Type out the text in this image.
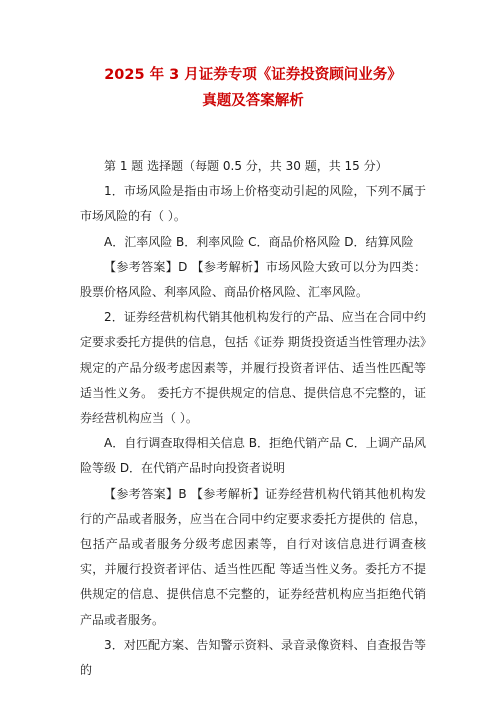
2025 年 3 月证券专项《证券投资顾问业务》
真题及答案解析

第 1 题 选择题（每题 0.5 分，共 30 题，共 15 分）

1．市场风险是指由市场上价格变动引起的风险，下列不属于市场风险的有（ ）。

A．汇率风险 B．利率风险 C．商品价格风险 D．结算风险

【参考答案】D 【参考解析】市场风险大致可以分为四类：股票价格风险、利率风险、商品价格风险、汇率风险。

2．证券经营机构代销其他机构发行的产品、应当在合同中约定要求委托方提供的信息，包括《证券 期货投资适当性管理办法》规定的产品分级考虑因素等，并履行投资者评估、适当性匹配等适当性义务。 委托方不提供规定的信息、提供信息不完整的，证券经营机构应当（ ）。

A．自行调查取得相关信息 B．拒绝代销产品 C．上调产品风险等级 D．在代销产品时向投资者说明

【参考答案】B 【参考解析】证券经营机构代销其他机构发行的产品或者服务，应当在合同中约定要求委托方提供的 信息，包括产品或者服务分级考虑因素等，自行对该信息进行调查核实，并履行投资者评估、适当性匹配 等适当性义务。委托方不提供规定的信息、提供信息不完整的，证券经营机构应当拒绝代销产品或者服务。

3．对匹配方案、告知警示资料、录音录像资料、自查报告等的
